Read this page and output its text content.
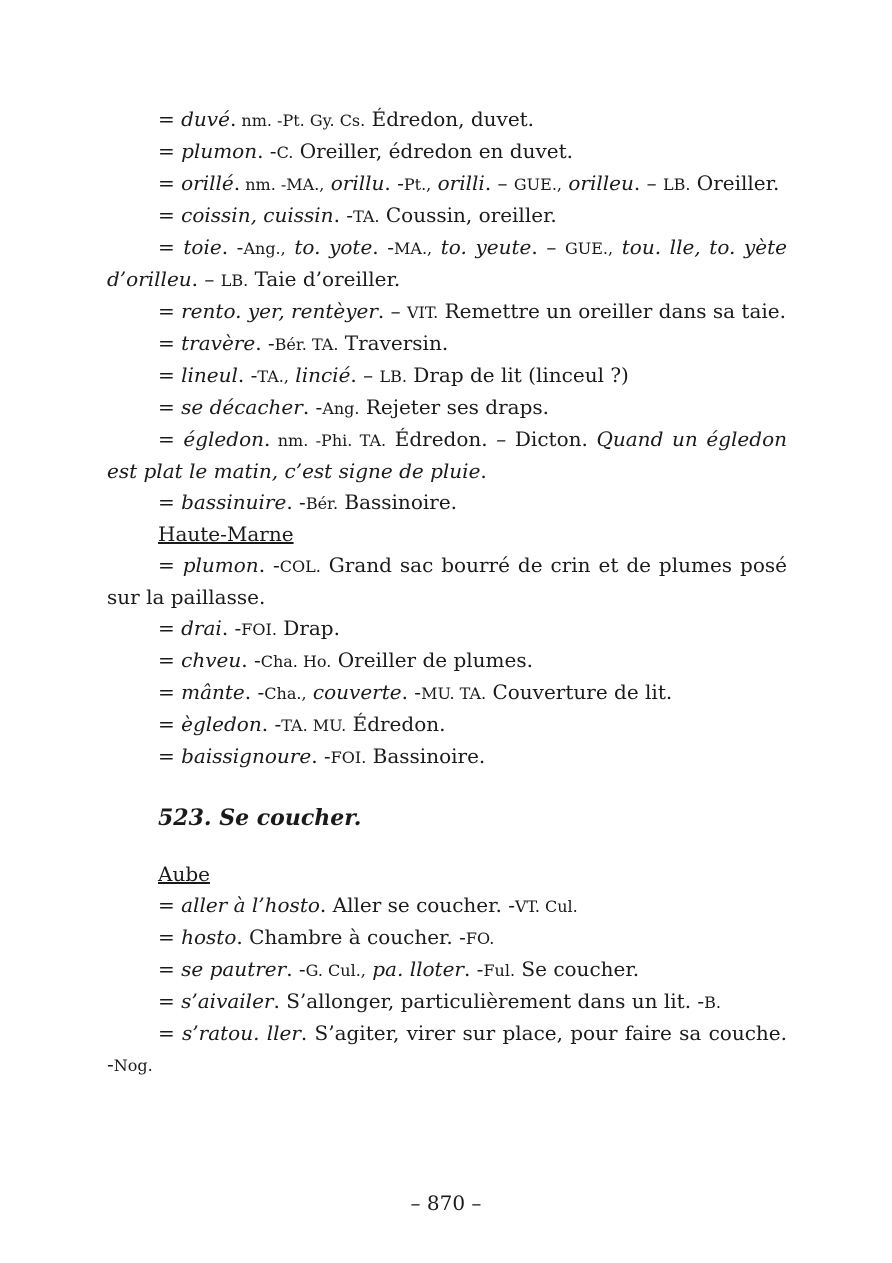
= duvé. nm. -Pt. Gy. Cs. Édredon, duvet.

= plumon. -C. Oreiller, édredon en duvet.

= orillé. nm. -MA., orillu. -Pt., orilli. – GUE., orilleu. – LB. Oreiller.

= coissin, cuissin. -TA. Coussin, oreiller.

= toie. -Ang., to. yote. -MA., to. yeute. – GUE., tou. lle, to. yète d’orilleu. – LB. Taie d’oreiller.

= rento. yer, rentèyer. – VIT. Remettre un oreiller dans sa taie.

= travère. -Bér. TA. Traversin.

= lineul. -TA., lincié. – LB. Drap de lit (linceul ?)

= se décacher. -Ang. Rejeter ses draps.

= égledon. nm. -Phi. TA. Édredon. – Dicton. Quand un égledon est plat le matin, c’est signe de pluie.

= bassinuire. -Bér. Bassinoire.

Haute-Marne

= plumon. -COL. Grand sac bourré de crin et de plumes posé sur la paillasse.

= drai. -FOI. Drap.

= chveu. -Cha. Ho. Oreiller de plumes.

= mânte. -Cha., couverte. -MU. TA. Couverture de lit.

= ègledon. -TA. MU. Édredon.

= baissignoure. -FOI. Bassinoire.

523. Se coucher.

Aube

= aller à l’hosto. Aller se coucher. -VT. Cul.

= hosto. Chambre à coucher. -FO.

= se pautrer. -G. Cul., pa. lloter. -Ful. Se coucher.

= s’aivailer. S’allonger, particulièrement dans un lit. -B.

= s’ratou. ller. S’agiter, virer sur place, pour faire sa couche. -Nog.

– 870 –
